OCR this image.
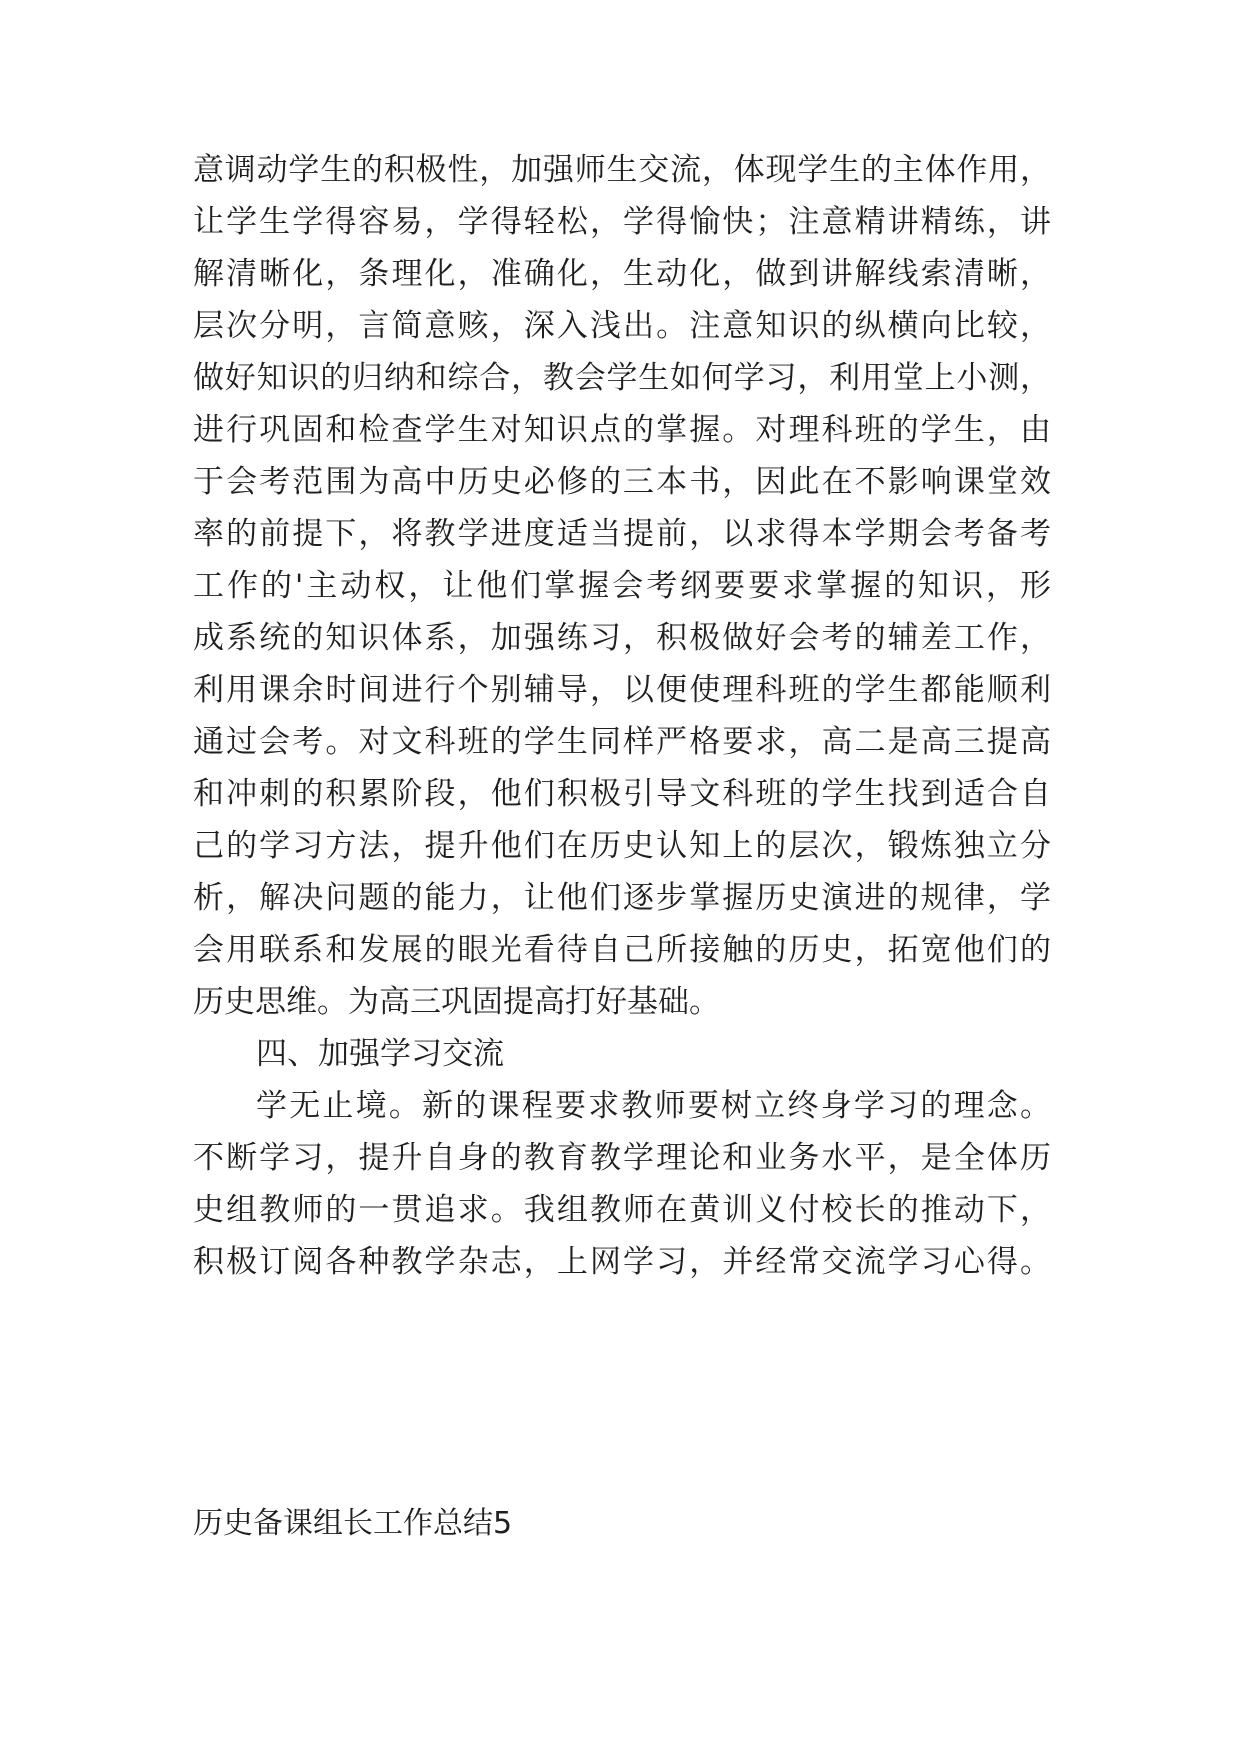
意调动学生的积极性，加强师生交流，体现学生的主体作用，
让学生学得容易，学得轻松，学得愉快；注意精讲精练，讲
解清晰化，条理化，准确化，生动化，做到讲解线索清晰，
层次分明，言简意赅，深入浅出。注意知识的纵横向比较，
做好知识的归纳和综合，教会学生如何学习，利用堂上小测，
进行巩固和检查学生对知识点的掌握。对理科班的学生，由
于会考范围为高中历史必修的三本书，因此在不影响课堂效
率的前提下，将教学进度适当提前，以求得本学期会考备考
工作的'主动权，让他们掌握会考纲要要求掌握的知识，形
成系统的知识体系，加强练习，积极做好会考的辅差工作，
利用课余时间进行个别辅导，以便使理科班的学生都能顺利
通过会考。对文科班的学生同样严格要求，高二是高三提高
和冲刺的积累阶段，他们积极引导文科班的学生找到适合自
己的学习方法，提升他们在历史认知上的层次，锻炼独立分
析，解决问题的能力，让他们逐步掌握历史演进的规律，学
会用联系和发展的眼光看待自己所接触的历史，拓宽他们的
历史思维。为高三巩固提高打好基础。
四、加强学习交流
学无止境。新的课程要求教师要树立终身学习的理念。
不断学习，提升自身的教育教学理论和业务水平，是全体历
史组教师的一贯追求。我组教师在黄训义付校长的推动下，
积极订阅各种教学杂志，上网学习，并经常交流学习心得。
历史备课组长工作总结5
